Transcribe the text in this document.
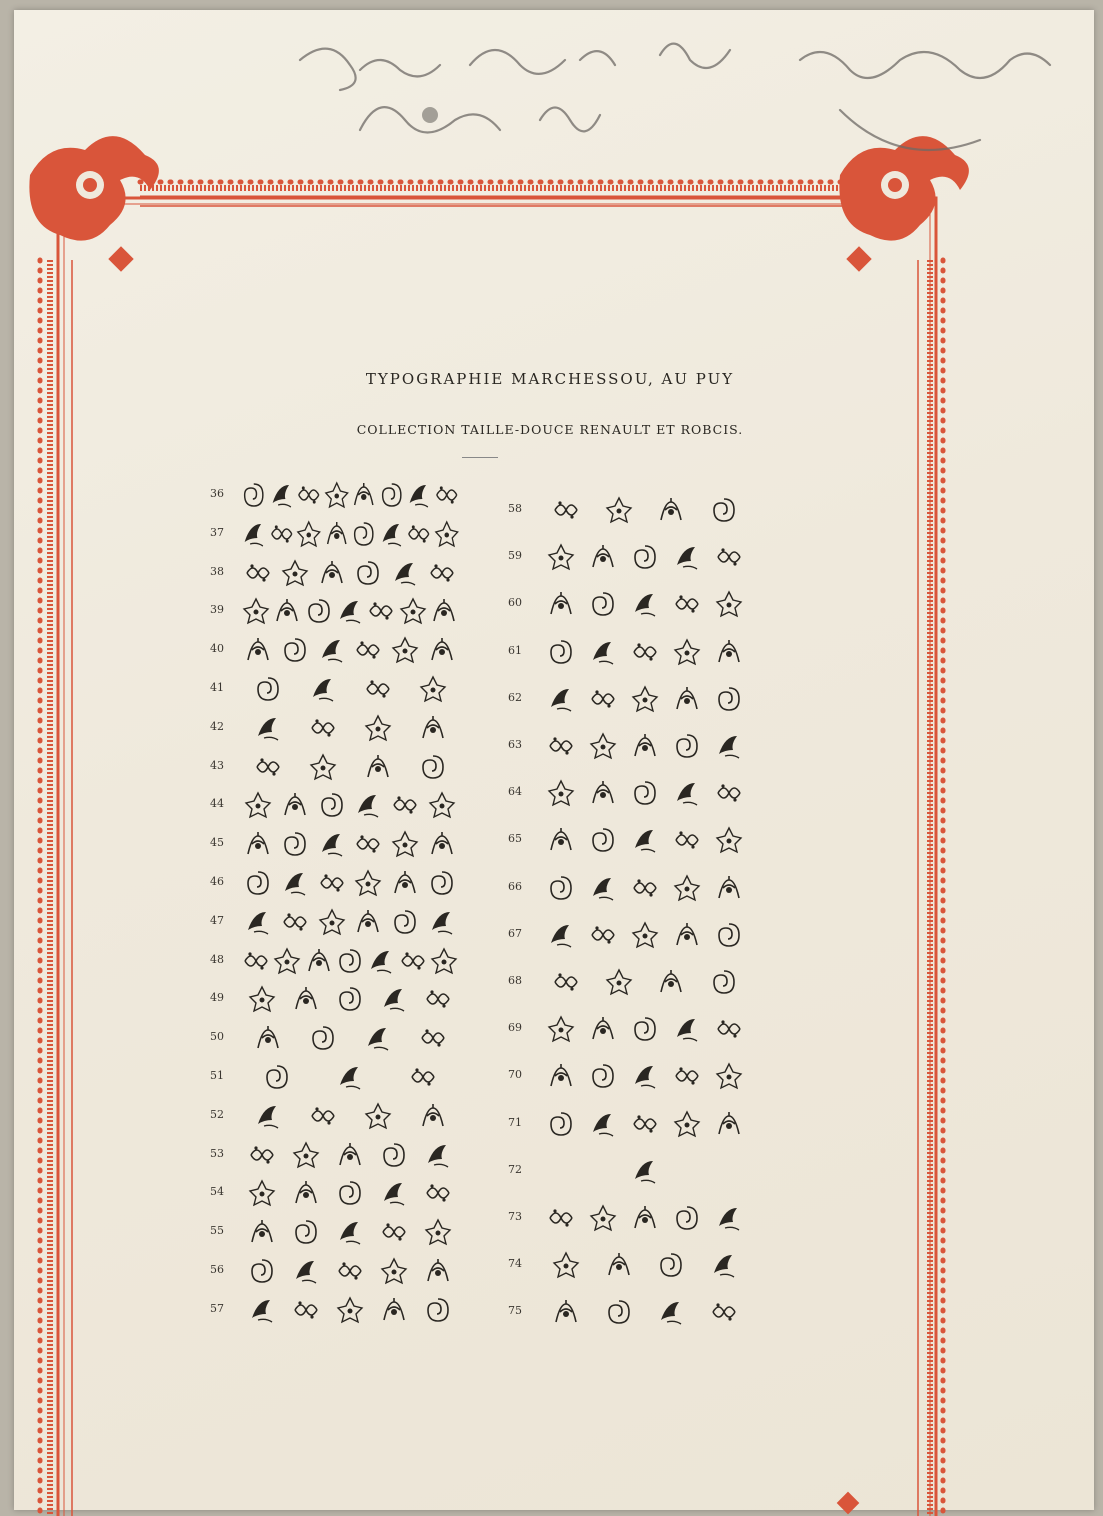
TYPOGRAPHIE MARCHESSOU, AU PUY
COLLECTION TAILLE-DOUCE RENAULT ET ROBCIS.
36
37
38
39
40
41
42
43
44
45
46
47
48
49
50
51
52
53
54
55
56
57
58
59
60
61
62
63
64
65
66
67
68
69
70
71
72
73
74
75
